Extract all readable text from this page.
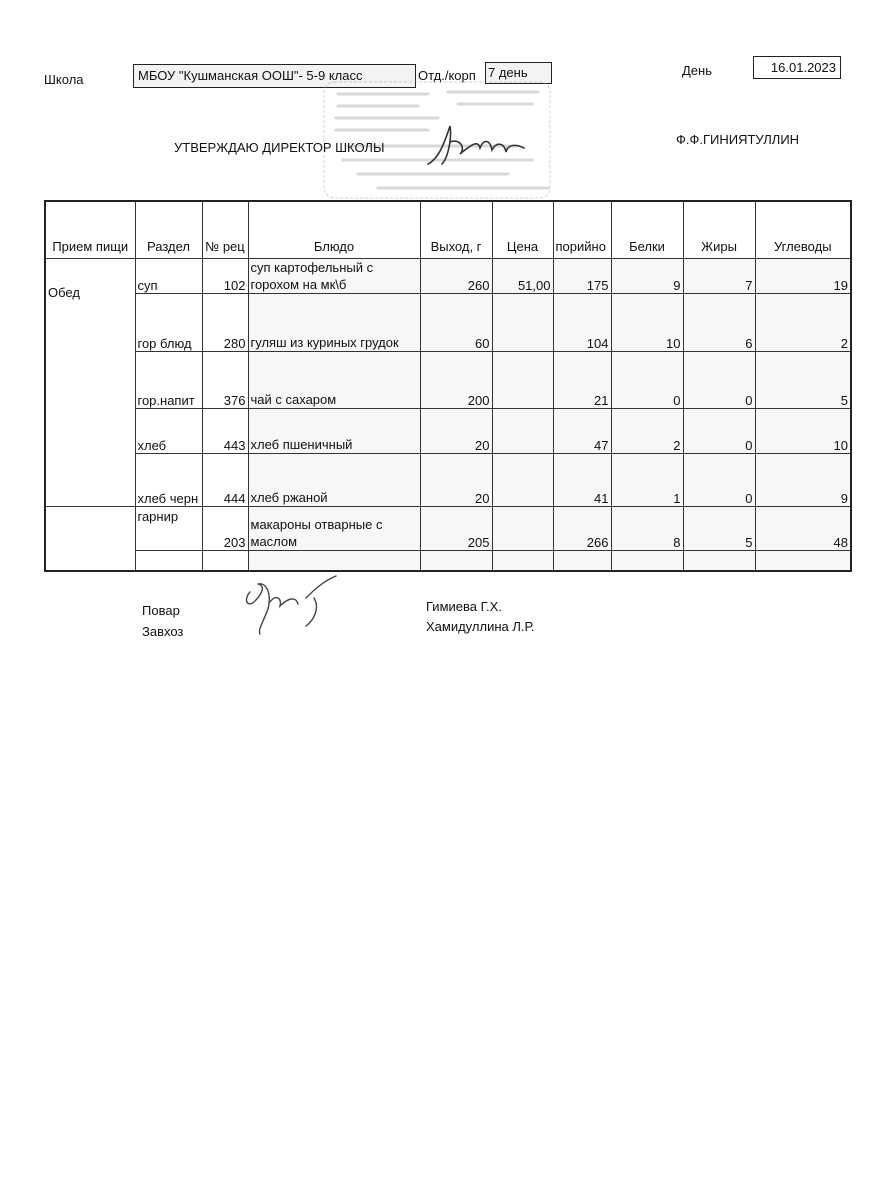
Школа	МБОУ "Кушманская ООШ"- 5-9 класс	Отд./корп 7 день	День	16.01.2023
УТВЕРЖДАЮ ДИРЕКТОР ШКОЛЫ
Ф.Ф.ГИНИЯТУЛЛИН
Прием пищи	Раздел	№ рец	Блюдо	Выход, г	Цена	порийно	Белки	Жиры	Углеводы
Обед	суп	102	суп картофельный с горохом на мк\б	260	51,00	175	9	7	19
	гор блюд	280	гуляш из куриных грудок	60		104	10	6	2
	гор.напит	376	чай с сахаром	200		21	0	0	5
	хлеб	443	хлеб пшеничный	20		47	2	0	10
	хлеб черн	444	хлеб ржаной	20		41	1	0	9
	гарнир	203	макароны отварные с маслом	205		266	8	5	48

Повар
Завхоз
Гимиева Г.Х.
Хамидуллина Л.Р.
